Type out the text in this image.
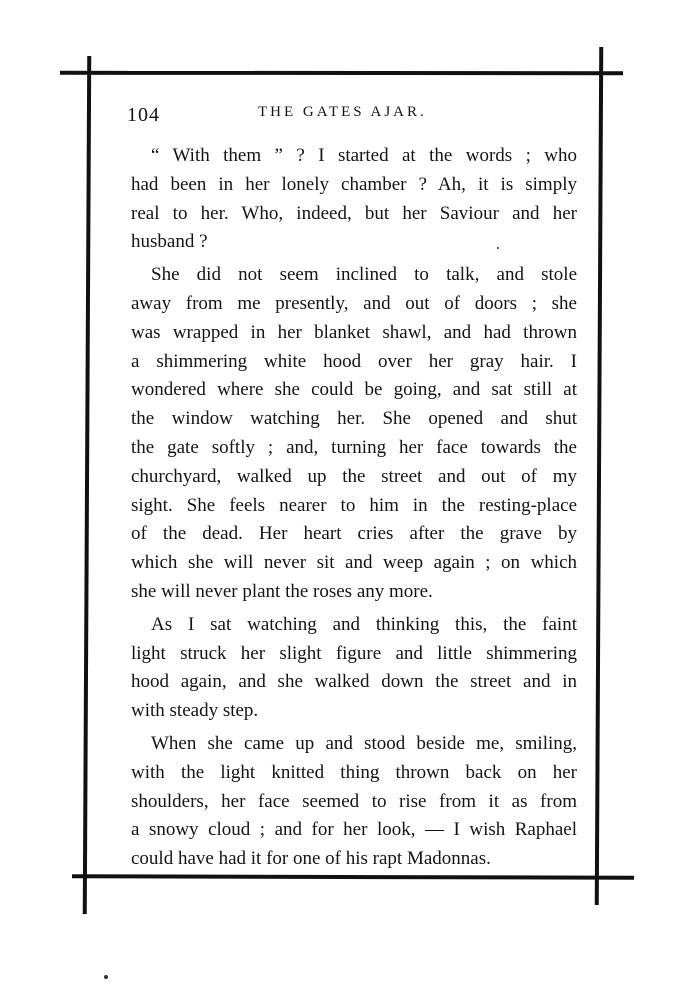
104	THE GATES AJAR.
“ With them ” ? I started at the words ; who
had been in her lonely chamber ? Ah, it is simply
real to her. Who, indeed, but her Saviour and her
husband ?
She did not seem inclined to talk, and stole
away from me presently, and out of doors ; she
was wrapped in her blanket shawl, and had thrown
a shimmering white hood over her gray hair. I
wondered where she could be going, and sat still at
the window watching her. She opened and shut
the gate softly ; and, turning her face towards the
churchyard, walked up the street and out of my
sight. She feels nearer to him in the resting-place
of the dead. Her heart cries after the grave by
which she will never sit and weep again ; on which
she will never plant the roses any more.
As I sat watching and thinking this, the faint
light struck her slight figure and little shimmering
hood again, and she walked down the street and in
with steady step.
When she came up and stood beside me, smiling,
with the light knitted thing thrown back on her
shoulders, her face seemed to rise from it as from
a snowy cloud ; and for her look, — I wish Raphael
could have had it for one of his rapt Madonnas.
